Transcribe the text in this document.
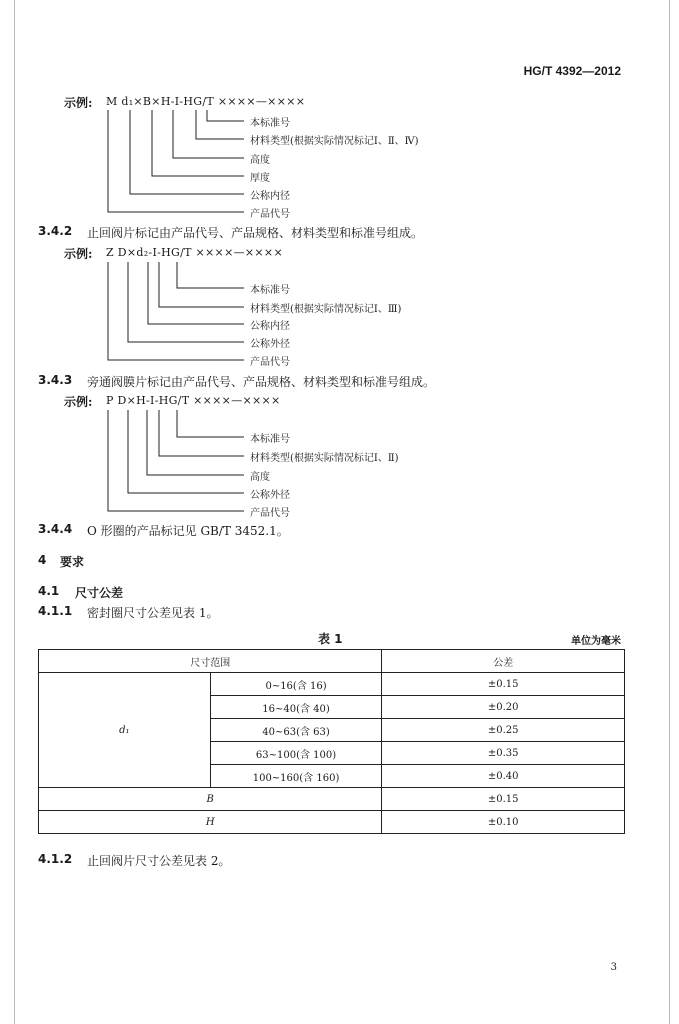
HG/T 4392—2012
示例: M d₁×B×H-Ⅰ-HG/T ××××—××××
本标准号
材料类型(根据实际情况标记Ⅰ、Ⅱ、Ⅳ)
高度
厚度
公称内径
产品代号
3.4.2 止回阀片标记由产品代号、产品规格、材料类型和标准号组成。
示例: Z D×d₂-Ⅰ-HG/T ××××—××××
本标准号
材料类型(根据实际情况标记Ⅰ、Ⅲ)
公称内径
公称外径
产品代号
3.4.3 旁通阀膜片标记由产品代号、产品规格、材料类型和标准号组成。
示例: P D×H-Ⅰ-HG/T ××××—××××
本标准号
材料类型(根据实际情况标记Ⅰ、Ⅱ)
高度
公称外径
产品代号
3.4.4 O 形圈的产品标记见 GB/T 3452.1。
4 要求
4.1 尺寸公差
4.1.1 密封圈尺寸公差见表 1。
表 1	单位为毫米
尺寸范围		公差
d₁	0~16(含 16)	±0.15
	16~40(含 40)	±0.20
	40~63(含 63)	±0.25
	63~100(含 100)	±0.35
	100~160(含 160)	±0.40
B		±0.15
H		±0.10
4.1.2 止回阀片尺寸公差见表 2。
3
